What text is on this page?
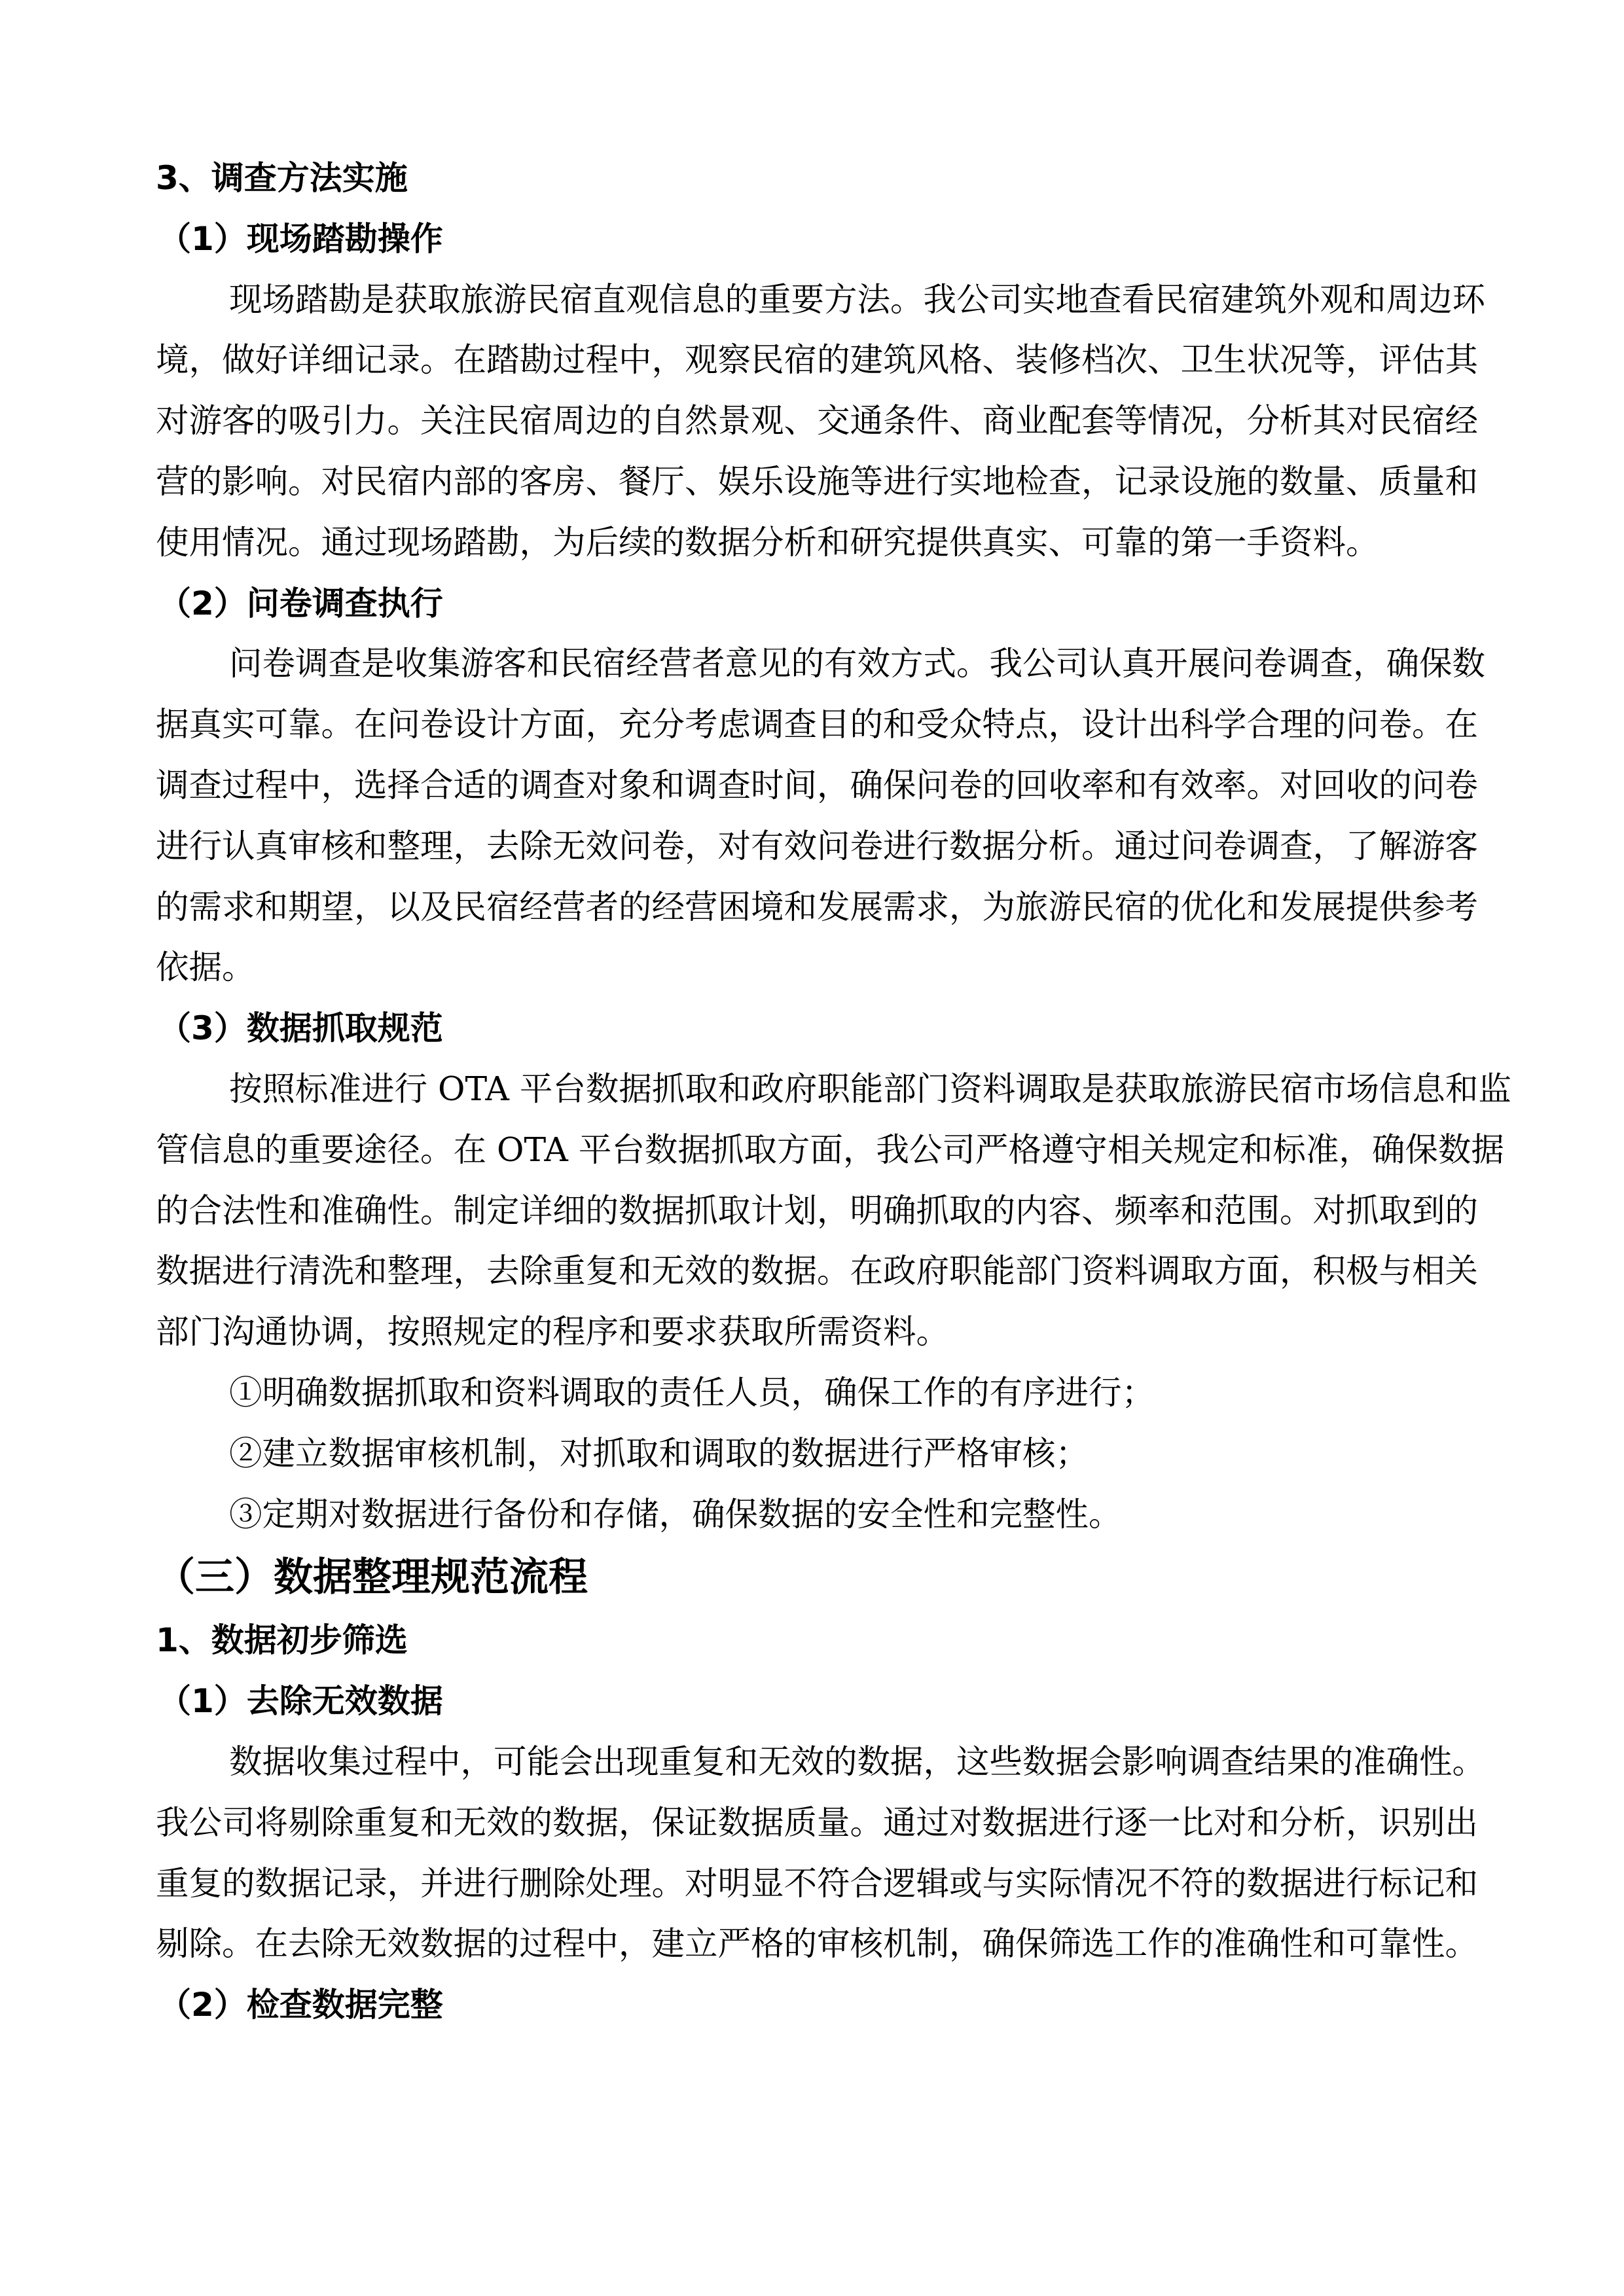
3、调查方法实施
（1）现场踏勘操作

现场踏勘是获取旅游民宿直观信息的重要方法。我公司实地查看民宿建筑外观和周边环

境，做好详细记录。在踏勘过程中，观察民宿的建筑风格、装修档次、卫生状况等，评估其

对游客的吸引力。关注民宿周边的自然景观、交通条件、商业配套等情况，分析其对民宿经

营的影响。对民宿内部的客房、餐厅、娱乐设施等进行实地检查，记录设施的数量、质量和

使用情况。通过现场踏勘，为后续的数据分析和研究提供真实、可靠的第一手资料。

（2）问卷调查执行

问卷调查是收集游客和民宿经营者意见的有效方式。我公司认真开展问卷调查，确保数

据真实可靠。在问卷设计方面，充分考虑调查目的和受众特点，设计出科学合理的问卷。在

调查过程中，选择合适的调查对象和调查时间，确保问卷的回收率和有效率。对回收的问卷

进行认真审核和整理，去除无效问卷，对有效问卷进行数据分析。通过问卷调查，了解游客

的需求和期望，以及民宿经营者的经营困境和发展需求，为旅游民宿的优化和发展提供参考

依据。

（3）数据抓取规范

按照标准进行 OTA 平台数据抓取和政府职能部门资料调取是获取旅游民宿市场信息和监

管信息的重要途径。在 OTA 平台数据抓取方面，我公司严格遵守相关规定和标准，确保数据

的合法性和准确性。制定详细的数据抓取计划，明确抓取的内容、频率和范围。对抓取到的

数据进行清洗和整理，去除重复和无效的数据。在政府职能部门资料调取方面，积极与相关

部门沟通协调，按照规定的程序和要求获取所需资料。

①明确数据抓取和资料调取的责任人员，确保工作的有序进行；
②建立数据审核机制，对抓取和调取的数据进行严格审核；
③定期对数据进行备份和存储，确保数据的安全性和完整性。
（三）数据整理规范流程
1、数据初步筛选
（1）去除无效数据

数据收集过程中，可能会出现重复和无效的数据，这些数据会影响调查结果的准确性。

我公司将剔除重复和无效的数据，保证数据质量。通过对数据进行逐一比对和分析，识别出

重复的数据记录，并进行删除处理。对明显不符合逻辑或与实际情况不符的数据进行标记和

剔除。在去除无效数据的过程中，建立严格的审核机制，确保筛选工作的准确性和可靠性。

（2）检查数据完整
